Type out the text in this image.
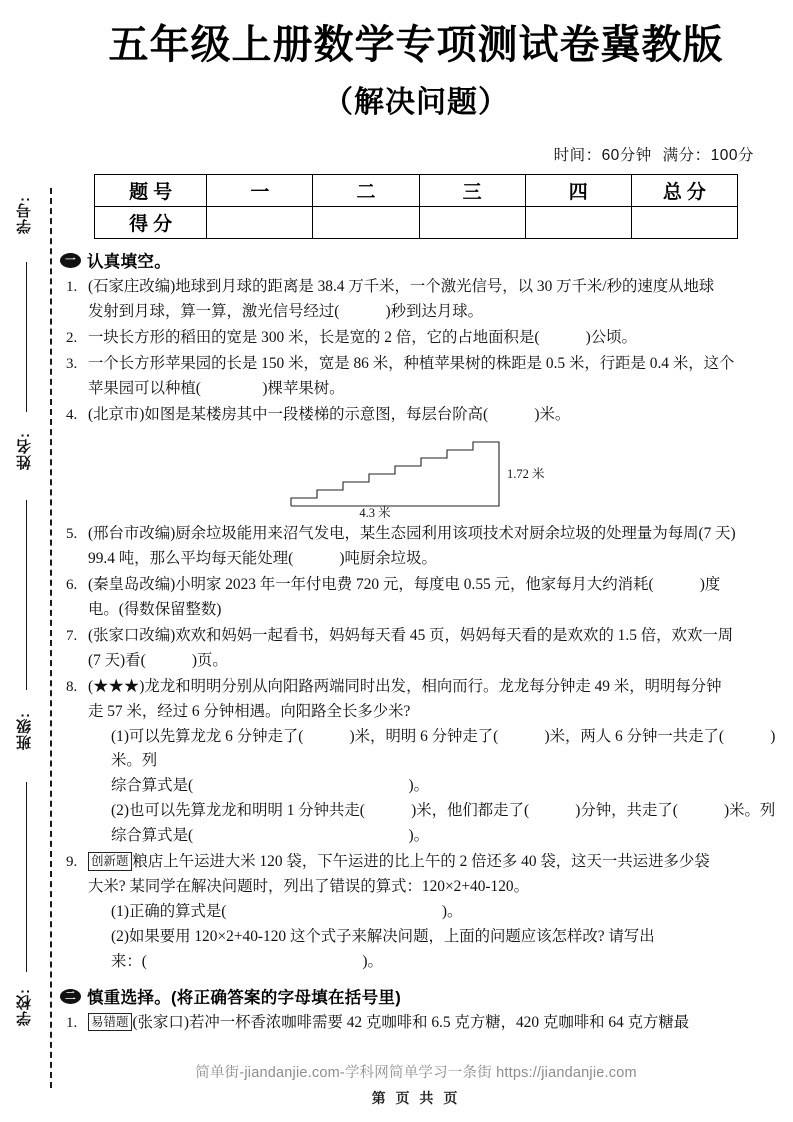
学号:
姓名:
班级:
学校:
五年级上册数学专项测试卷冀教版
（解决问题）
时间：60分钟 满分：100分
题号	一	二	三	四	总分
得分					
一 认真填空。
1. (石家庄改编)地球到月球的距离是 38.4 万千米，一个激光信号，以 30 万千米/秒的速度从地球
发射到月球，算一算，激光信号经过(　　　)秒到达月球。
2. 一块长方形的稻田的宽是 300 米，长是宽的 2 倍，它的占地面积是(　　　)公顷。
3. 一个长方形苹果园的长是 150 米，宽是 86 米，种植苹果树的株距是 0.5 米，行距是 0.4 米，这个
苹果园可以种植(　　　　)棵苹果树。
4. (北京市)如图是某楼房其中一段楼梯的示意图，每层台阶高(　　　)米。
1.72 米
4.3 米
5. (邢台市改编)厨余垃圾能用来沼气发电，某生态园利用该项技术对厨余垃圾的处理量为每周(7 天)
99.4 吨，那么平均每天能处理(　　　)吨厨余垃圾。
6. (秦皇岛改编)小明家 2023 年一年付电费 720 元，每度电 0.55 元，他家每月大约消耗(　　　)度
电。(得数保留整数)
7. (张家口改编)欢欢和妈妈一起看书，妈妈每天看 45 页，妈妈每天看的是欢欢的 1.5 倍，欢欢一周
(7 天)看(　　　)页。
8. (★★★)龙龙和明明分别从向阳路两端同时出发，相向而行。龙龙每分钟走 49 米，明明每分钟
走 57 米，经过 6 分钟相遇。向阳路全长多少米?
(1)可以先算龙龙 6 分钟走了(　　　)米，明明 6 分钟走了(　　　)米，两人 6 分钟一共走了(　　　)米。列
综合算式是(　　　　　　　　　　　　　　)。
(2)也可以先算龙龙和明明 1 分钟共走(　　　)米，他们都走了(　　　)分钟，共走了(　　　)米。列
综合算式是(　　　　　　　　　　　　　　)。
9.	创新题 粮店上午运进大米 120 袋，下午运进的比上午的 2 倍还多 40 袋，这天一共运进多少袋
大米? 某同学在解决问题时，列出了错误的算式：120×2+40-120。
(1)正确的算式是(　　　　　　　　　　　　　　)。
(2)如果要用 120×2+40-120 这个式子来解决问题，上面的问题应该怎样改? 请写出
来：(　　　　　　　　　　　　　　)。
二 慎重选择。(将正确答案的字母填在括号里)
1.	易错题 (张家口)若冲一杯香浓咖啡需要 42 克咖啡和 6.5 克方糖，420 克咖啡和 64 克方糖最
简单街-jiandanjie.com-学科网简单学习一条街 https://jiandanjie.com
第 页 共 页
